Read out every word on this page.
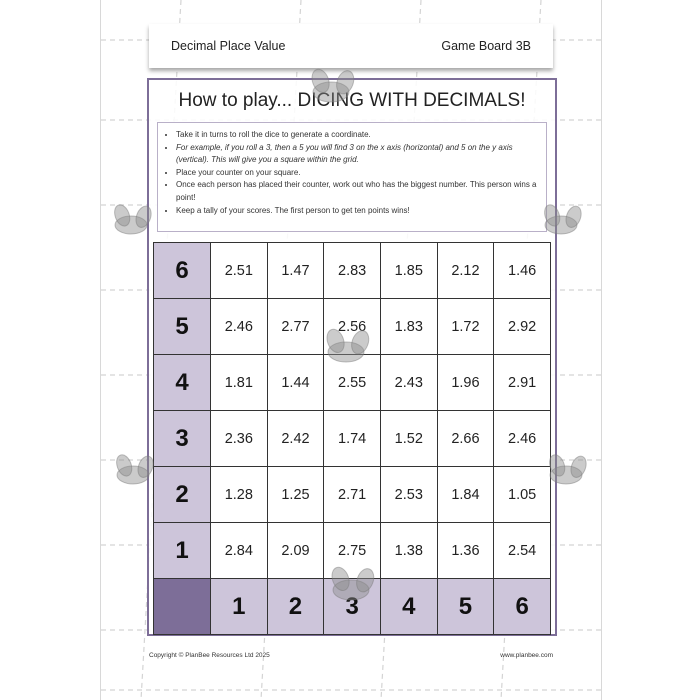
Decimal Place Value	Game Board 3B
How to play... DICING WITH DECIMALS!
• Take it in turns to roll the dice to generate a coordinate.
• For example, if you roll a 3, then a 5 you will find 3 on the x axis (horizontal) and 5 on the y axis (vertical). This will give you a square within the grid.
• Place your counter on your square.
• Once each person has placed their counter, work out who has the biggest number. This person wins a point!
• Keep a tally of your scores. The first person to get ten points wins!
6	2.51	1.47	2.83	1.85	2.12	1.46
5	2.46	2.77	2.56	1.83	1.72	2.92
4	1.81	1.44	2.55	2.43	1.96	2.91
3	2.36	2.42	1.74	1.52	2.66	2.46
2	1.28	1.25	2.71	2.53	1.84	1.05
1	2.84	2.09	2.75	1.38	1.36	2.54
	1	2	3	4	5	6
Copyright © PlanBee Resources Ltd 2025	www.planbee.com
